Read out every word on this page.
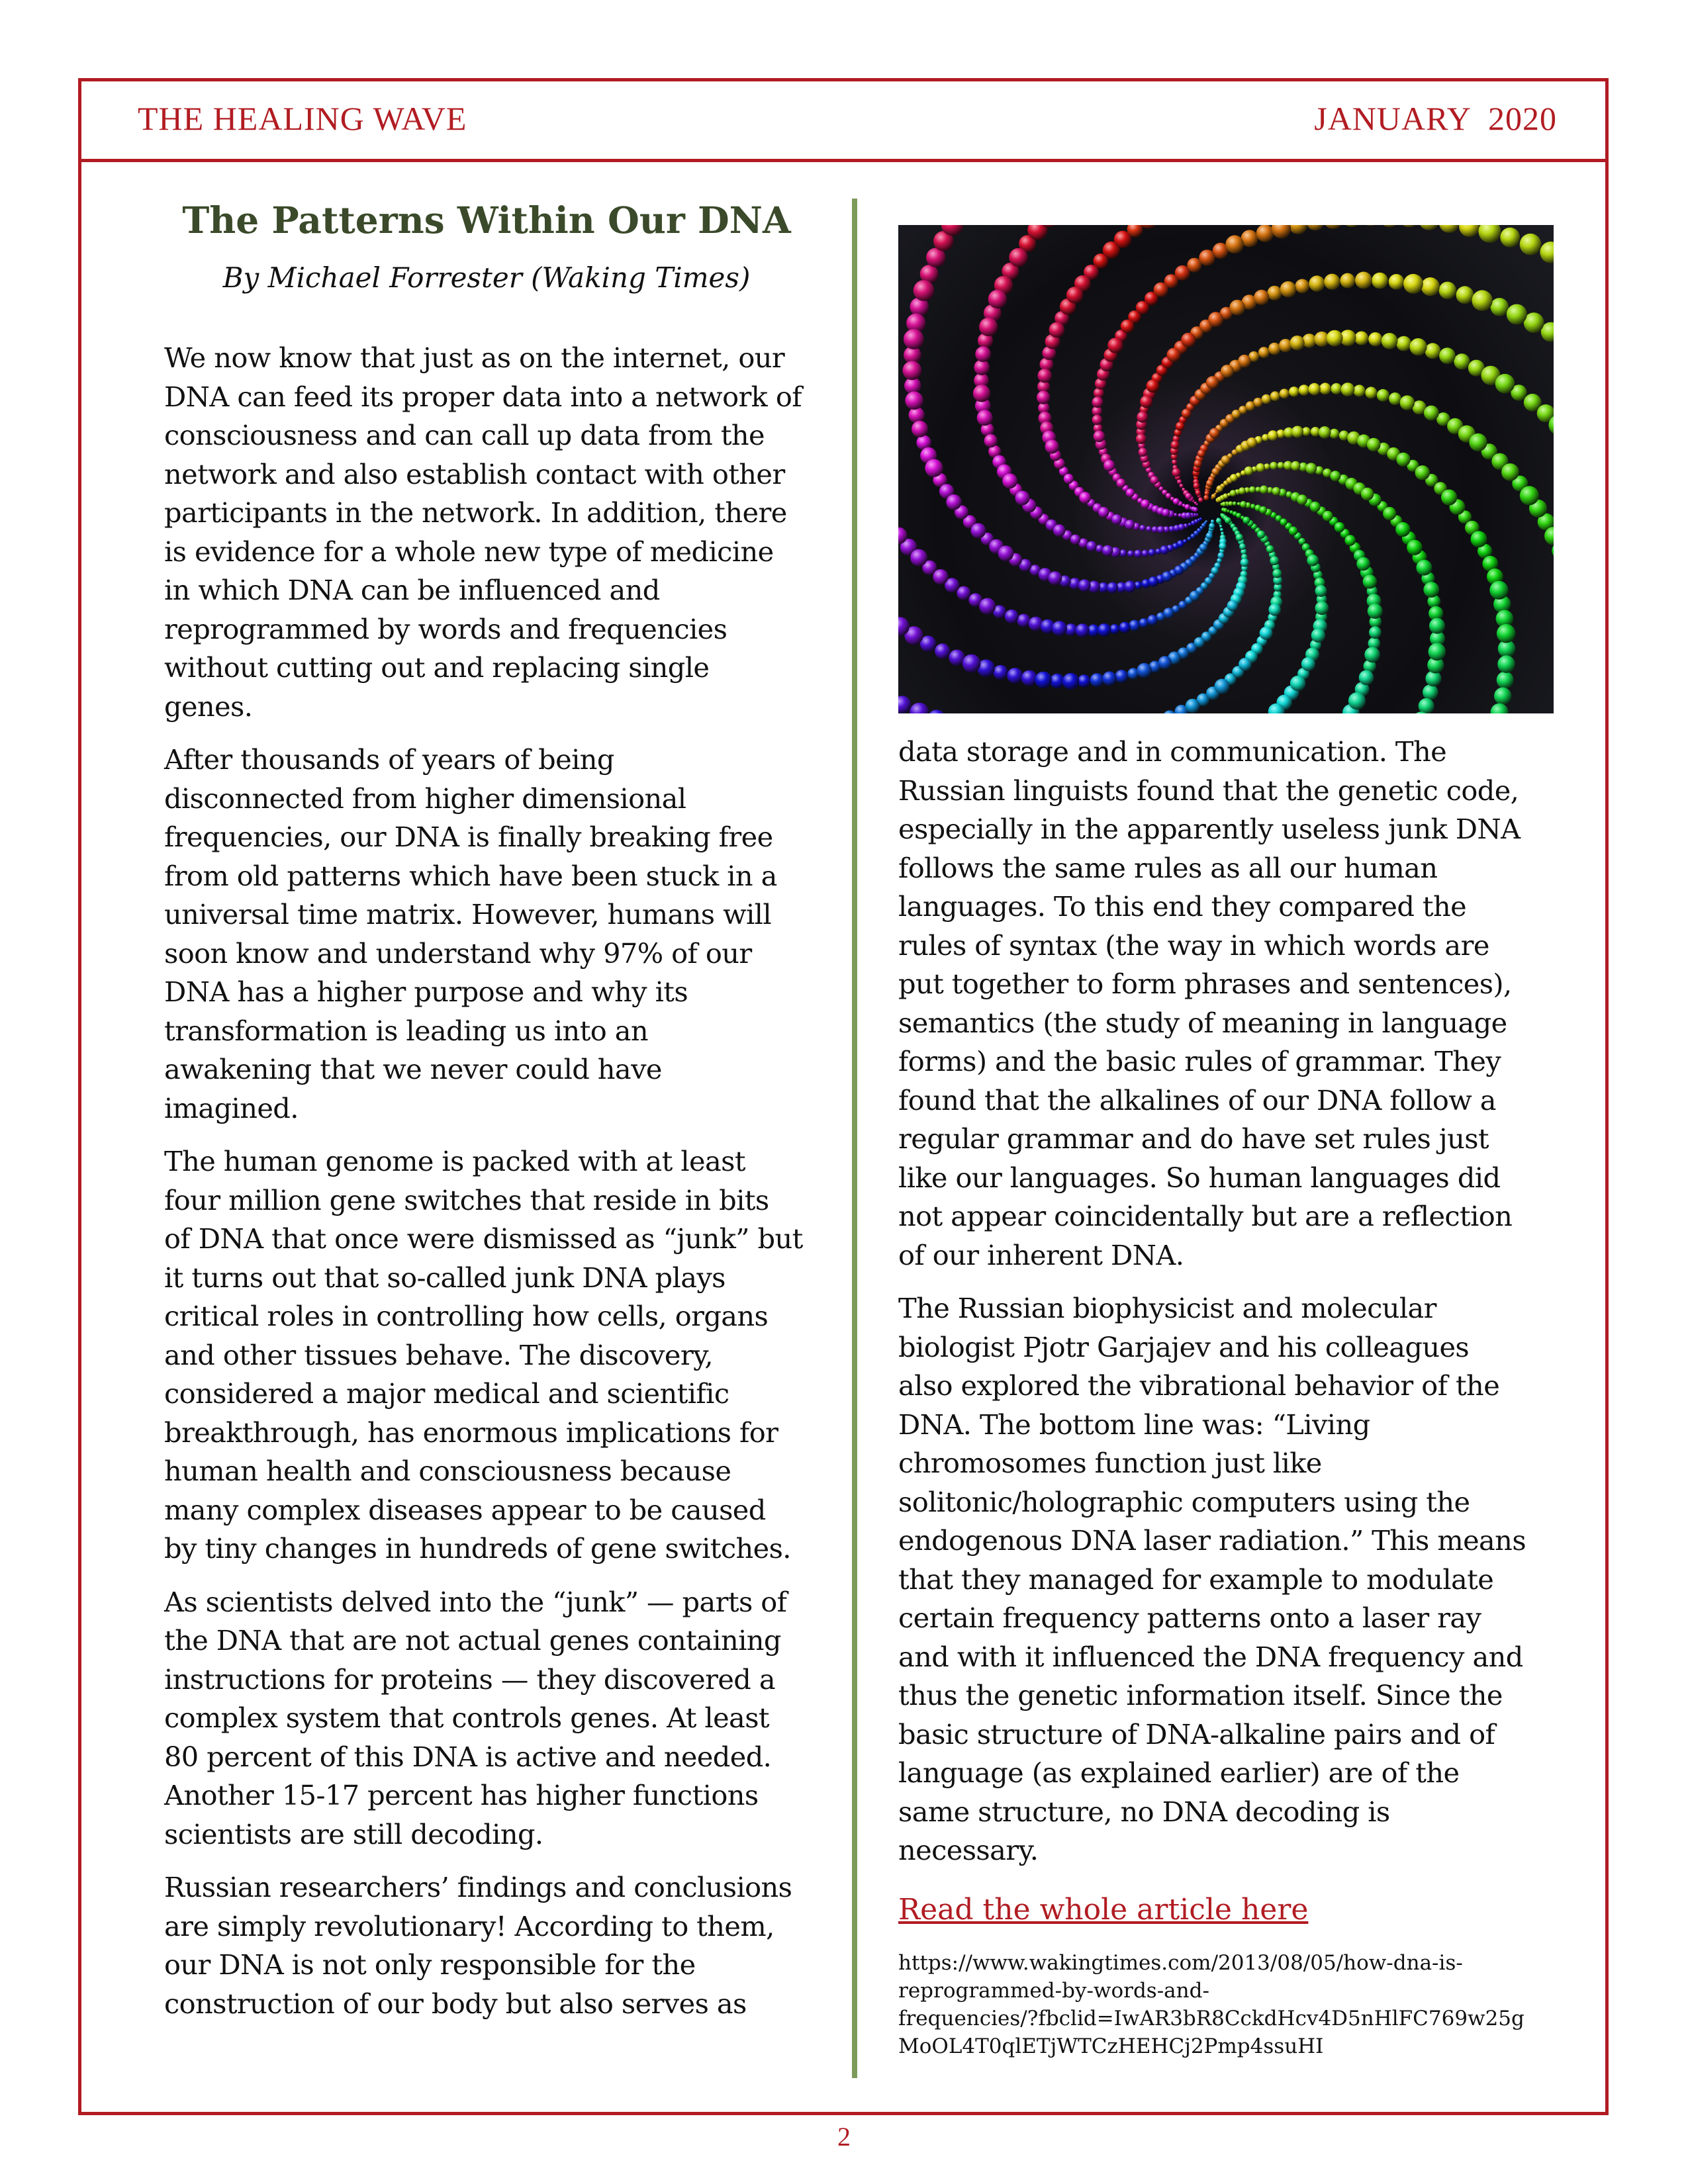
THE HEALING WAVE	JANUARY  2020
The Patterns Within Our DNA
By Michael Forrester (Waking Times)
We now know that just as on the internet, our
DNA can feed its proper data into a network of
consciousness and can call up data from the
network and also establish contact with other
participants in the network. In addition, there
is evidence for a whole new type of medicine
in which DNA can be influenced and
reprogrammed by words and frequencies
without cutting out and replacing single
genes.
After thousands of years of being
disconnected from higher dimensional
frequencies, our DNA is finally breaking free
from old patterns which have been stuck in a
universal time matrix. However, humans will
soon know and understand why 97% of our
DNA has a higher purpose and why its
transformation is leading us into an
awakening that we never could have
imagined.
The human genome is packed with at least
four million gene switches that reside in bits
of DNA that once were dismissed as “junk” but
it turns out that so-called junk DNA plays
critical roles in controlling how cells, organs
and other tissues behave. The discovery,
considered a major medical and scientific
breakthrough, has enormous implications for
human health and consciousness because
many complex diseases appear to be caused
by tiny changes in hundreds of gene switches.
As scientists delved into the “junk” — parts of
the DNA that are not actual genes containing
instructions for proteins — they discovered a
complex system that controls genes. At least
80 percent of this DNA is active and needed.
Another 15-17 percent has higher functions
scientists are still decoding.
Russian researchers’ findings and conclusions
are simply revolutionary! According to them,
our DNA is not only responsible for the
construction of our body but also serves as
data storage and in communication. The
Russian linguists found that the genetic code,
especially in the apparently useless junk DNA
follows the same rules as all our human
languages. To this end they compared the
rules of syntax (the way in which words are
put together to form phrases and sentences),
semantics (the study of meaning in language
forms) and the basic rules of grammar. They
found that the alkalines of our DNA follow a
regular grammar and do have set rules just
like our languages. So human languages did
not appear coincidentally but are a reflection
of our inherent DNA.
The Russian biophysicist and molecular
biologist Pjotr Garjajev and his colleagues
also explored the vibrational behavior of the
DNA. The bottom line was: “Living
chromosomes function just like
solitonic/holographic computers using the
endogenous DNA laser radiation.” This means
that they managed for example to modulate
certain frequency patterns onto a laser ray
and with it influenced the DNA frequency and
thus the genetic information itself. Since the
basic structure of DNA-alkaline pairs and of
language (as explained earlier) are of the
same structure, no DNA decoding is
necessary.
Read the whole article here
https://www.wakingtimes.com/2013/08/05/how-dna-is-
reprogrammed-by-words-and-
frequencies/?fbclid=IwAR3bR8CckdHcv4D5nHlFC769w25g
MoOL4T0qlETjWTCzHEHCj2Pmp4ssuHI
2
